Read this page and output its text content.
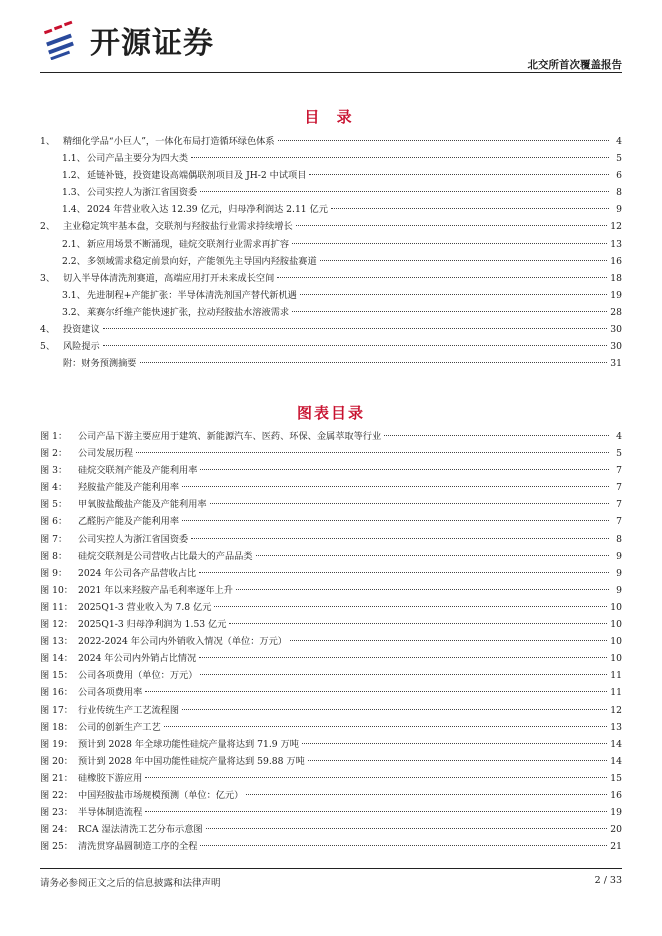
开源证券
北交所首次覆盖报告
目 录
1、 精细化学品“小巨人”，一体化布局打造循环绿色体系	4
1.1、 公司产品主要分为四大类	5
1.2、 延链补链，投资建设高端偶联剂项目及 JH-2 中试项目	6
1.3、 公司实控人为浙江省国资委	8
1.4、 2024 年营业收入达 12.39 亿元，归母净利润达 2.11 亿元	9
2、 主业稳定筑牢基本盘，交联剂与羟胺盐行业需求持续增长	12
2.1、 新应用场景不断涌现，硅烷交联剂行业需求再扩容	13
2.2、 多领域需求稳定前景向好，产能领先主导国内羟胺盐赛道	16
3、 切入半导体清洗剂赛道，高端应用打开未来成长空间	18
3.1、 先进制程+产能扩张：半导体清洗剂国产替代新机遇	19
3.2、 莱赛尔纤维产能快速扩张，拉动羟胺盐水溶液需求	28
4、 投资建议	30
5、 风险提示	30
附：财务预测摘要	31
图表目录
图 1：	公司产品下游主要应用于建筑、新能源汽车、医药、环保、金属萃取等行业	4
图 2：	公司发展历程	5
图 3：	硅烷交联剂产能及产能利用率	7
图 4：	羟胺盐产能及产能利用率	7
图 5：	甲氧胺盐酸盐产能及产能利用率	7
图 6：	乙醛肟产能及产能利用率	7
图 7：	公司实控人为浙江省国资委	8
图 8：	硅烷交联剂是公司营收占比最大的产品品类	9
图 9：	2024 年公司各产品营收占比	9
图 10： 2021 年以来羟胺产品毛利率逐年上升	9
图 11： 2025Q1-3 营业收入为 7.8 亿元	10
图 12： 2025Q1-3 归母净利润为 1.53 亿元	10
图 13： 2022-2024 年公司内外销收入情况（单位：万元）	10
图 14： 2024 年公司内外销占比情况	10
图 15： 公司各项费用（单位：万元）	11
图 16： 公司各项费用率	11
图 17： 行业传统生产工艺流程图	12
图 18： 公司的创新生产工艺	13
图 19： 预计到 2028 年全球功能性硅烷产量将达到 71.9 万吨	14
图 20： 预计到 2028 年中国功能性硅烷产量将达到 59.88 万吨	14
图 21： 硅橡胶下游应用	15
图 22： 中国羟胺盐市场规模预测（单位：亿元）	16
图 23： 半导体制造流程	19
图 24： RCA 湿法清洗工艺分布示意图	20
图 25： 清洗贯穿晶圆制造工序的全程	21
请务必参阅正文之后的信息披露和法律声明	2 / 33
